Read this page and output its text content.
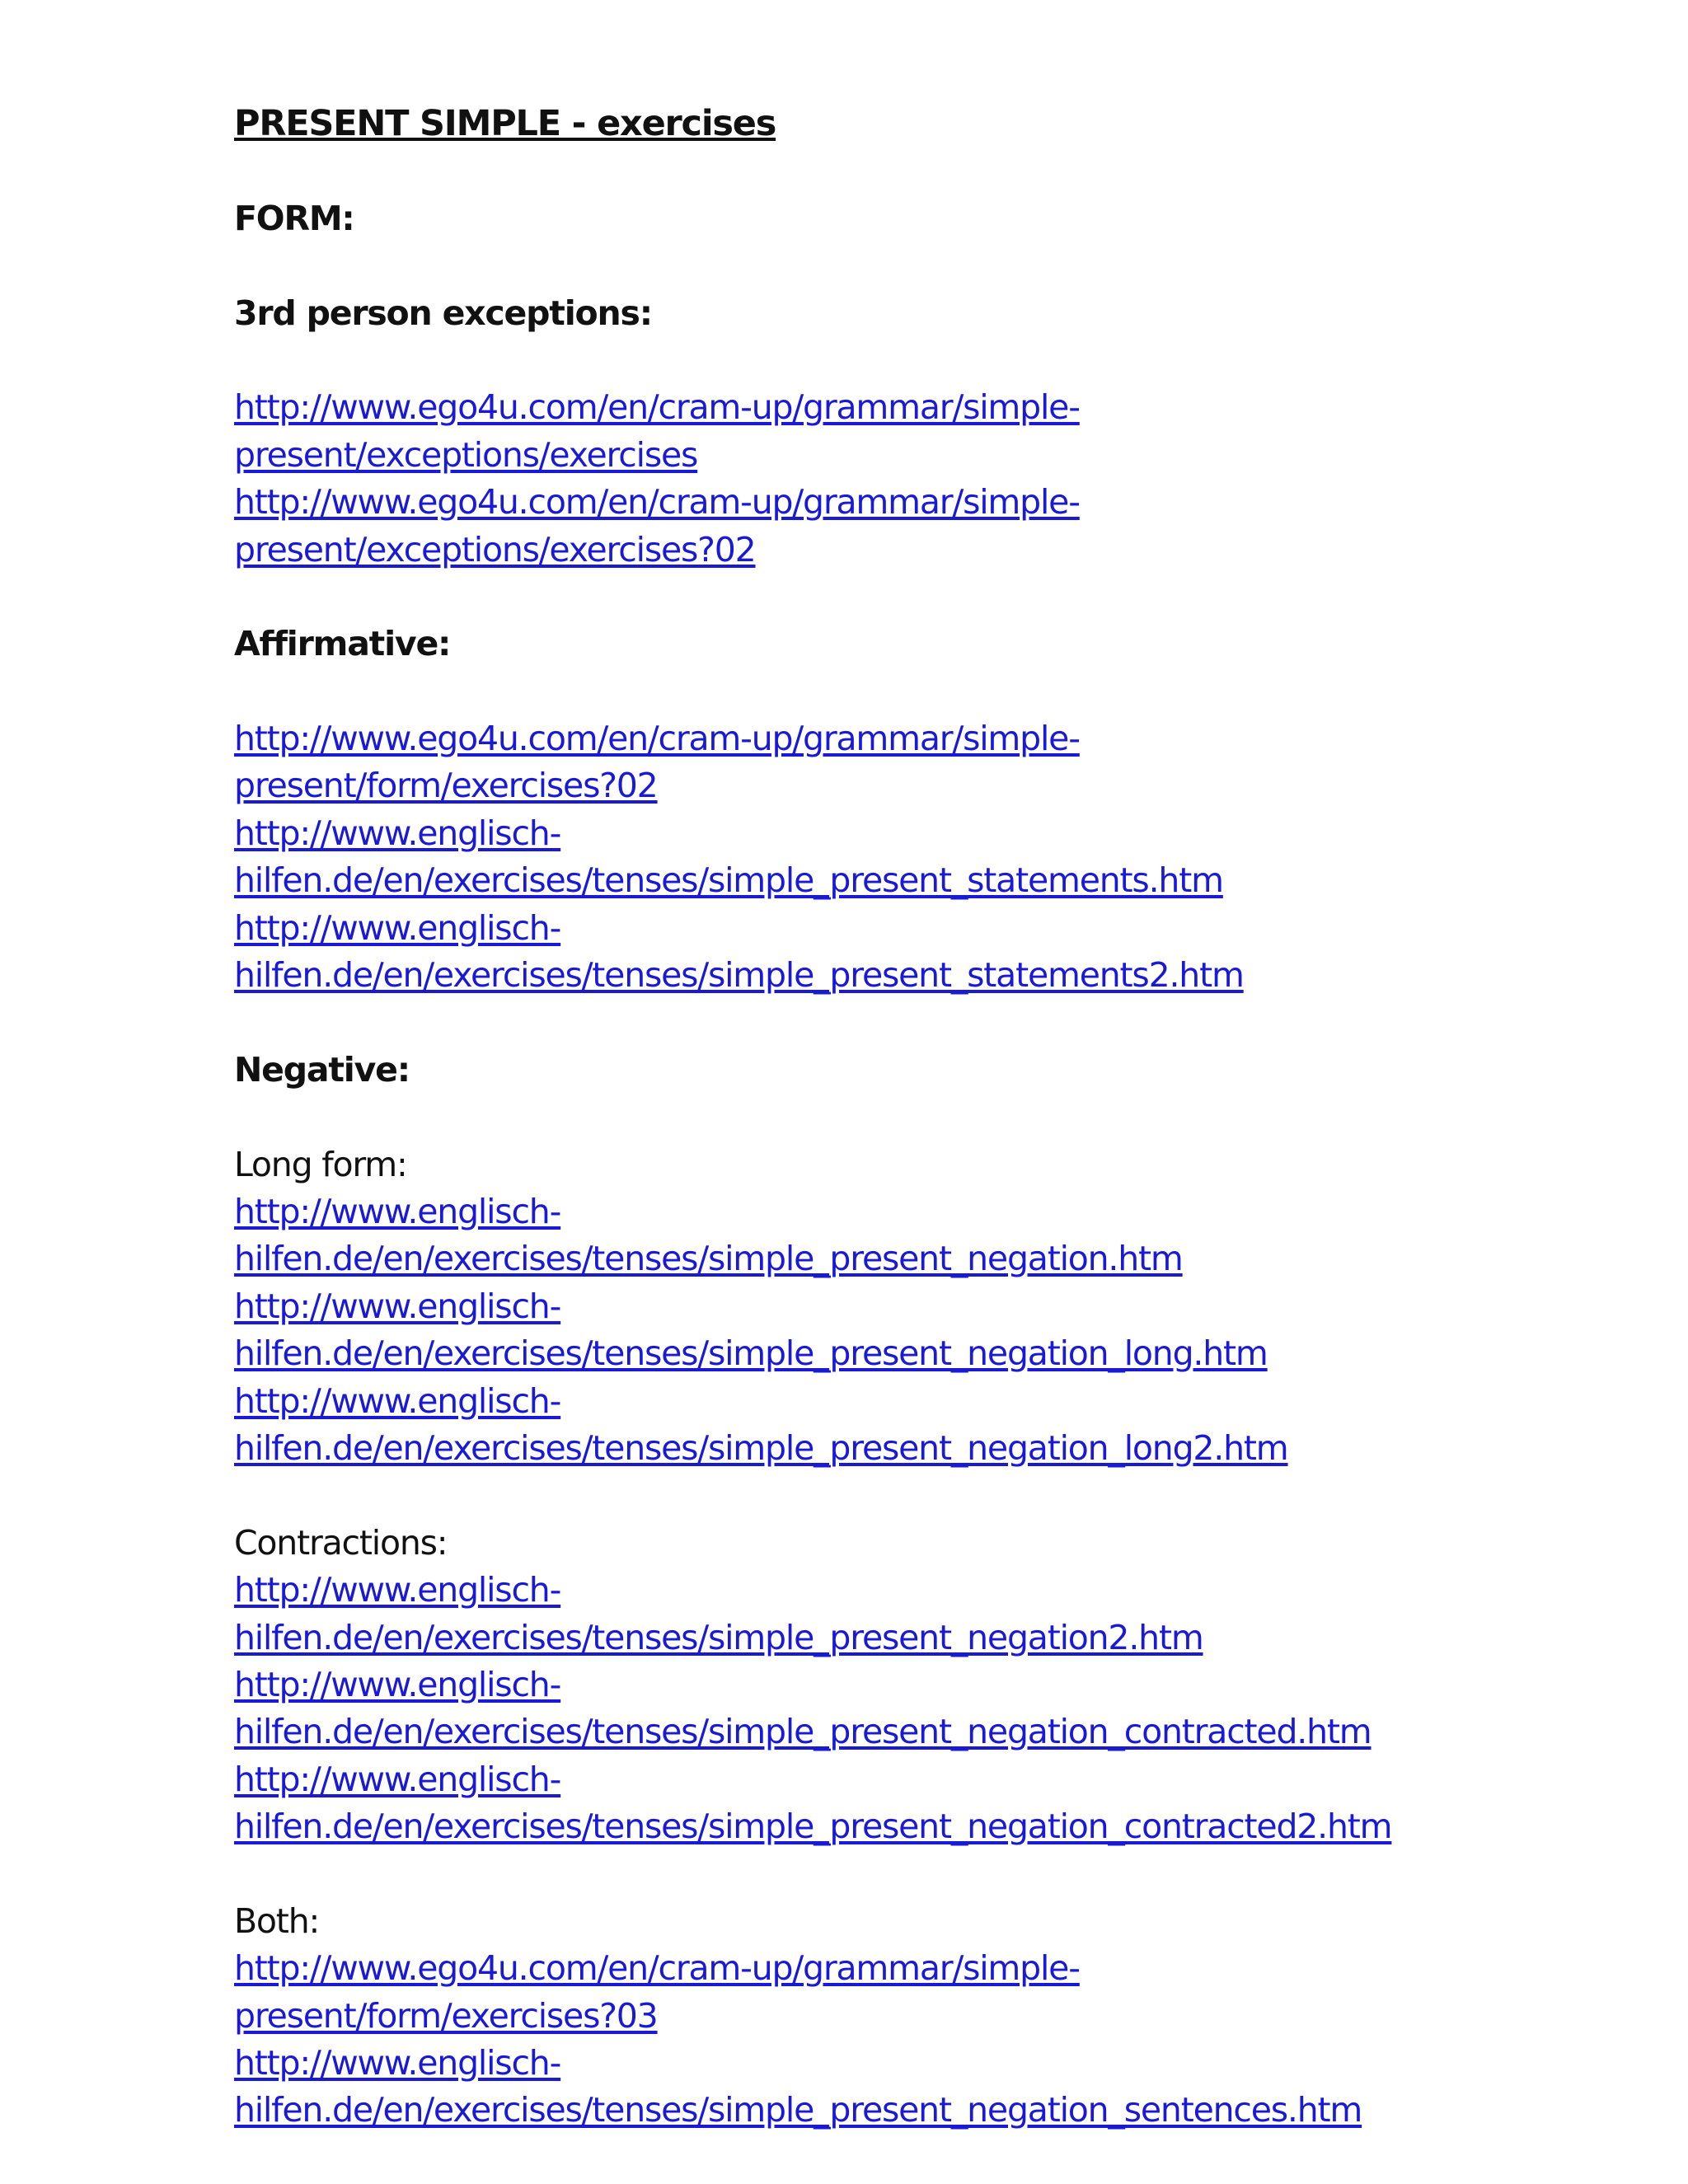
PRESENT SIMPLE - exercises
FORM:
3rd person exceptions:
http://www.ego4u.com/en/cram-up/grammar/simple-
present/exceptions/exercises
http://www.ego4u.com/en/cram-up/grammar/simple-
present/exceptions/exercises?02
Affirmative:
http://www.ego4u.com/en/cram-up/grammar/simple-
present/form/exercises?02
http://www.englisch-
hilfen.de/en/exercises/tenses/simple_present_statements.htm
http://www.englisch-
hilfen.de/en/exercises/tenses/simple_present_statements2.htm
Negative:
Long form:
http://www.englisch-
hilfen.de/en/exercises/tenses/simple_present_negation.htm
http://www.englisch-
hilfen.de/en/exercises/tenses/simple_present_negation_long.htm
http://www.englisch-
hilfen.de/en/exercises/tenses/simple_present_negation_long2.htm
Contractions:
http://www.englisch-
hilfen.de/en/exercises/tenses/simple_present_negation2.htm
http://www.englisch-
hilfen.de/en/exercises/tenses/simple_present_negation_contracted.htm
http://www.englisch-
hilfen.de/en/exercises/tenses/simple_present_negation_contracted2.htm
Both:
http://www.ego4u.com/en/cram-up/grammar/simple-
present/form/exercises?03
http://www.englisch-
hilfen.de/en/exercises/tenses/simple_present_negation_sentences.htm
